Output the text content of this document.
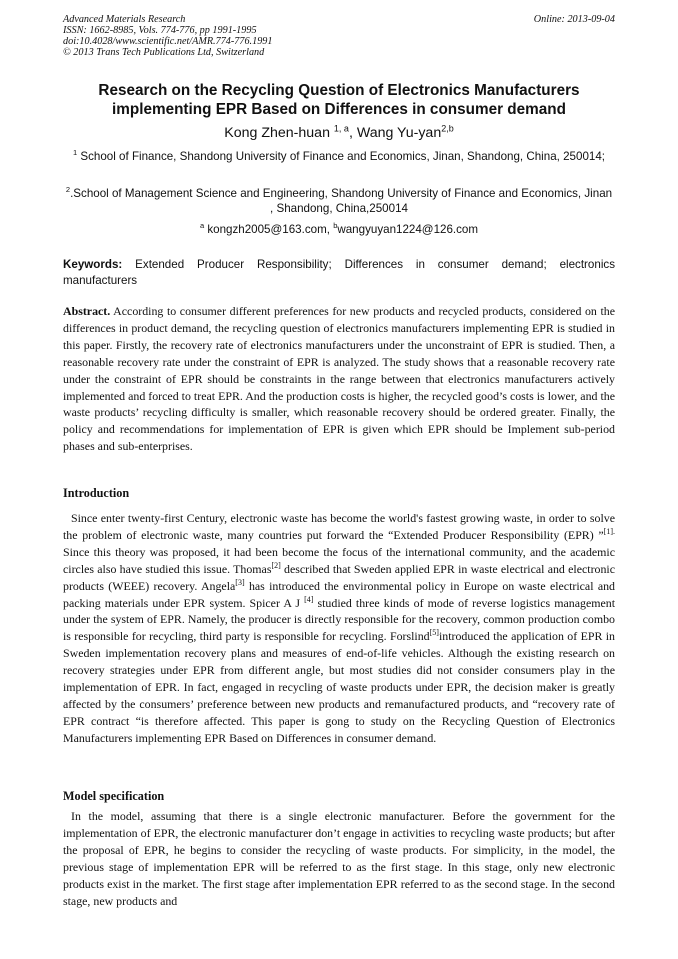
Advanced Materials Research
ISSN: 1662-8985, Vols. 774-776, pp 1991-1995
doi:10.4028/www.scientific.net/AMR.774-776.1991
© 2013 Trans Tech Publications Ltd, Switzerland
Online: 2013-09-04
Research on the Recycling Question of Electronics Manufacturers
implementing EPR Based on Differences in consumer demand
Kong Zhen-huan $^{1, a}$, Wang Yu-yan$^{2,b}$
$^1$ School of Finance, Shandong University of Finance and Economics, Jinan, Shandong, China, 250014;
$^2$.School of Management Science and Engineering, Shandong University of Finance and Economics, Jinan , Shandong, China,250014
$^a$ kongzh2005@163.com, $^b$wangyuyan1224@126.com
Keywords: Extended Producer Responsibility; Differences in consumer demand; electronics manufacturers
Abstract. According to consumer different preferences for new products and recycled products, considered on the differences in product demand, the recycling question of electronics manufacturers implementing EPR is studied in this paper. Firstly, the recovery rate of electronics manufacturers under the unconstraint of EPR is studied. Then, a reasonable recovery rate under the constraint of EPR is analyzed. The study shows that a reasonable recovery rate under the constraint of EPR should be constraints in the range between that electronics manufacturers actively implemented and forced to treat EPR. And the production costs is higher, the recycled good’s costs is lower, and the waste products’ recycling difficulty is smaller, which reasonable recovery should be ordered greater. Finally, the policy and recommendations for implementation of EPR is given which EPR should be Implement sub-period phases and sub-enterprises.
Introduction
Since enter twenty-first Century, electronic waste has become the world's fastest growing waste, in order to solve the problem of electronic waste, many countries put forward the “Extended Producer Responsibility (EPR) ”$^{[1].}$ Since this theory was proposed, it had been become the focus of the international community, and the academic circles also have studied this issue. Thomas[2] described that Sweden applied EPR in waste electrical and electronic products (WEEE) recovery. Angela[3] has introduced the environmental policy in Europe on waste electrical and packing materials under EPR system. Spicer A J [4] studied three kinds of mode of reverse logistics management under the system of EPR. Namely, the producer is directly responsible for the recovery, common production combo is responsible for recycling, third party is responsible for recycling. Forslind[5]introduced the application of EPR in Sweden implementation recovery plans and measures of end-of-life vehicles. Although the existing research on recovery strategies under EPR from different angle, but most studies did not consider consumers play in the implementation of EPR. In fact, engaged in recycling of waste products under EPR, the decision maker is greatly affected by the consumers’ preference between new products and remanufactured products, and “recovery rate of EPR contract “is therefore affected. This paper is gong to study on the Recycling Question of Electronics Manufacturers implementing EPR Based on Differences in consumer demand.
Model specification
In the model, assuming that there is a single electronic manufacturer. Before the government for the implementation of EPR, the electronic manufacturer don’t engage in activities to recycling waste products; but after the proposal of EPR, he begins to consider the recycling of waste products. For simplicity, in the model, the previous stage of implementation EPR will be referred to as the first stage. In this stage, only new electronic products exist in the market. The first stage after implementation EPR referred to as the second stage. In the second stage, new products and
